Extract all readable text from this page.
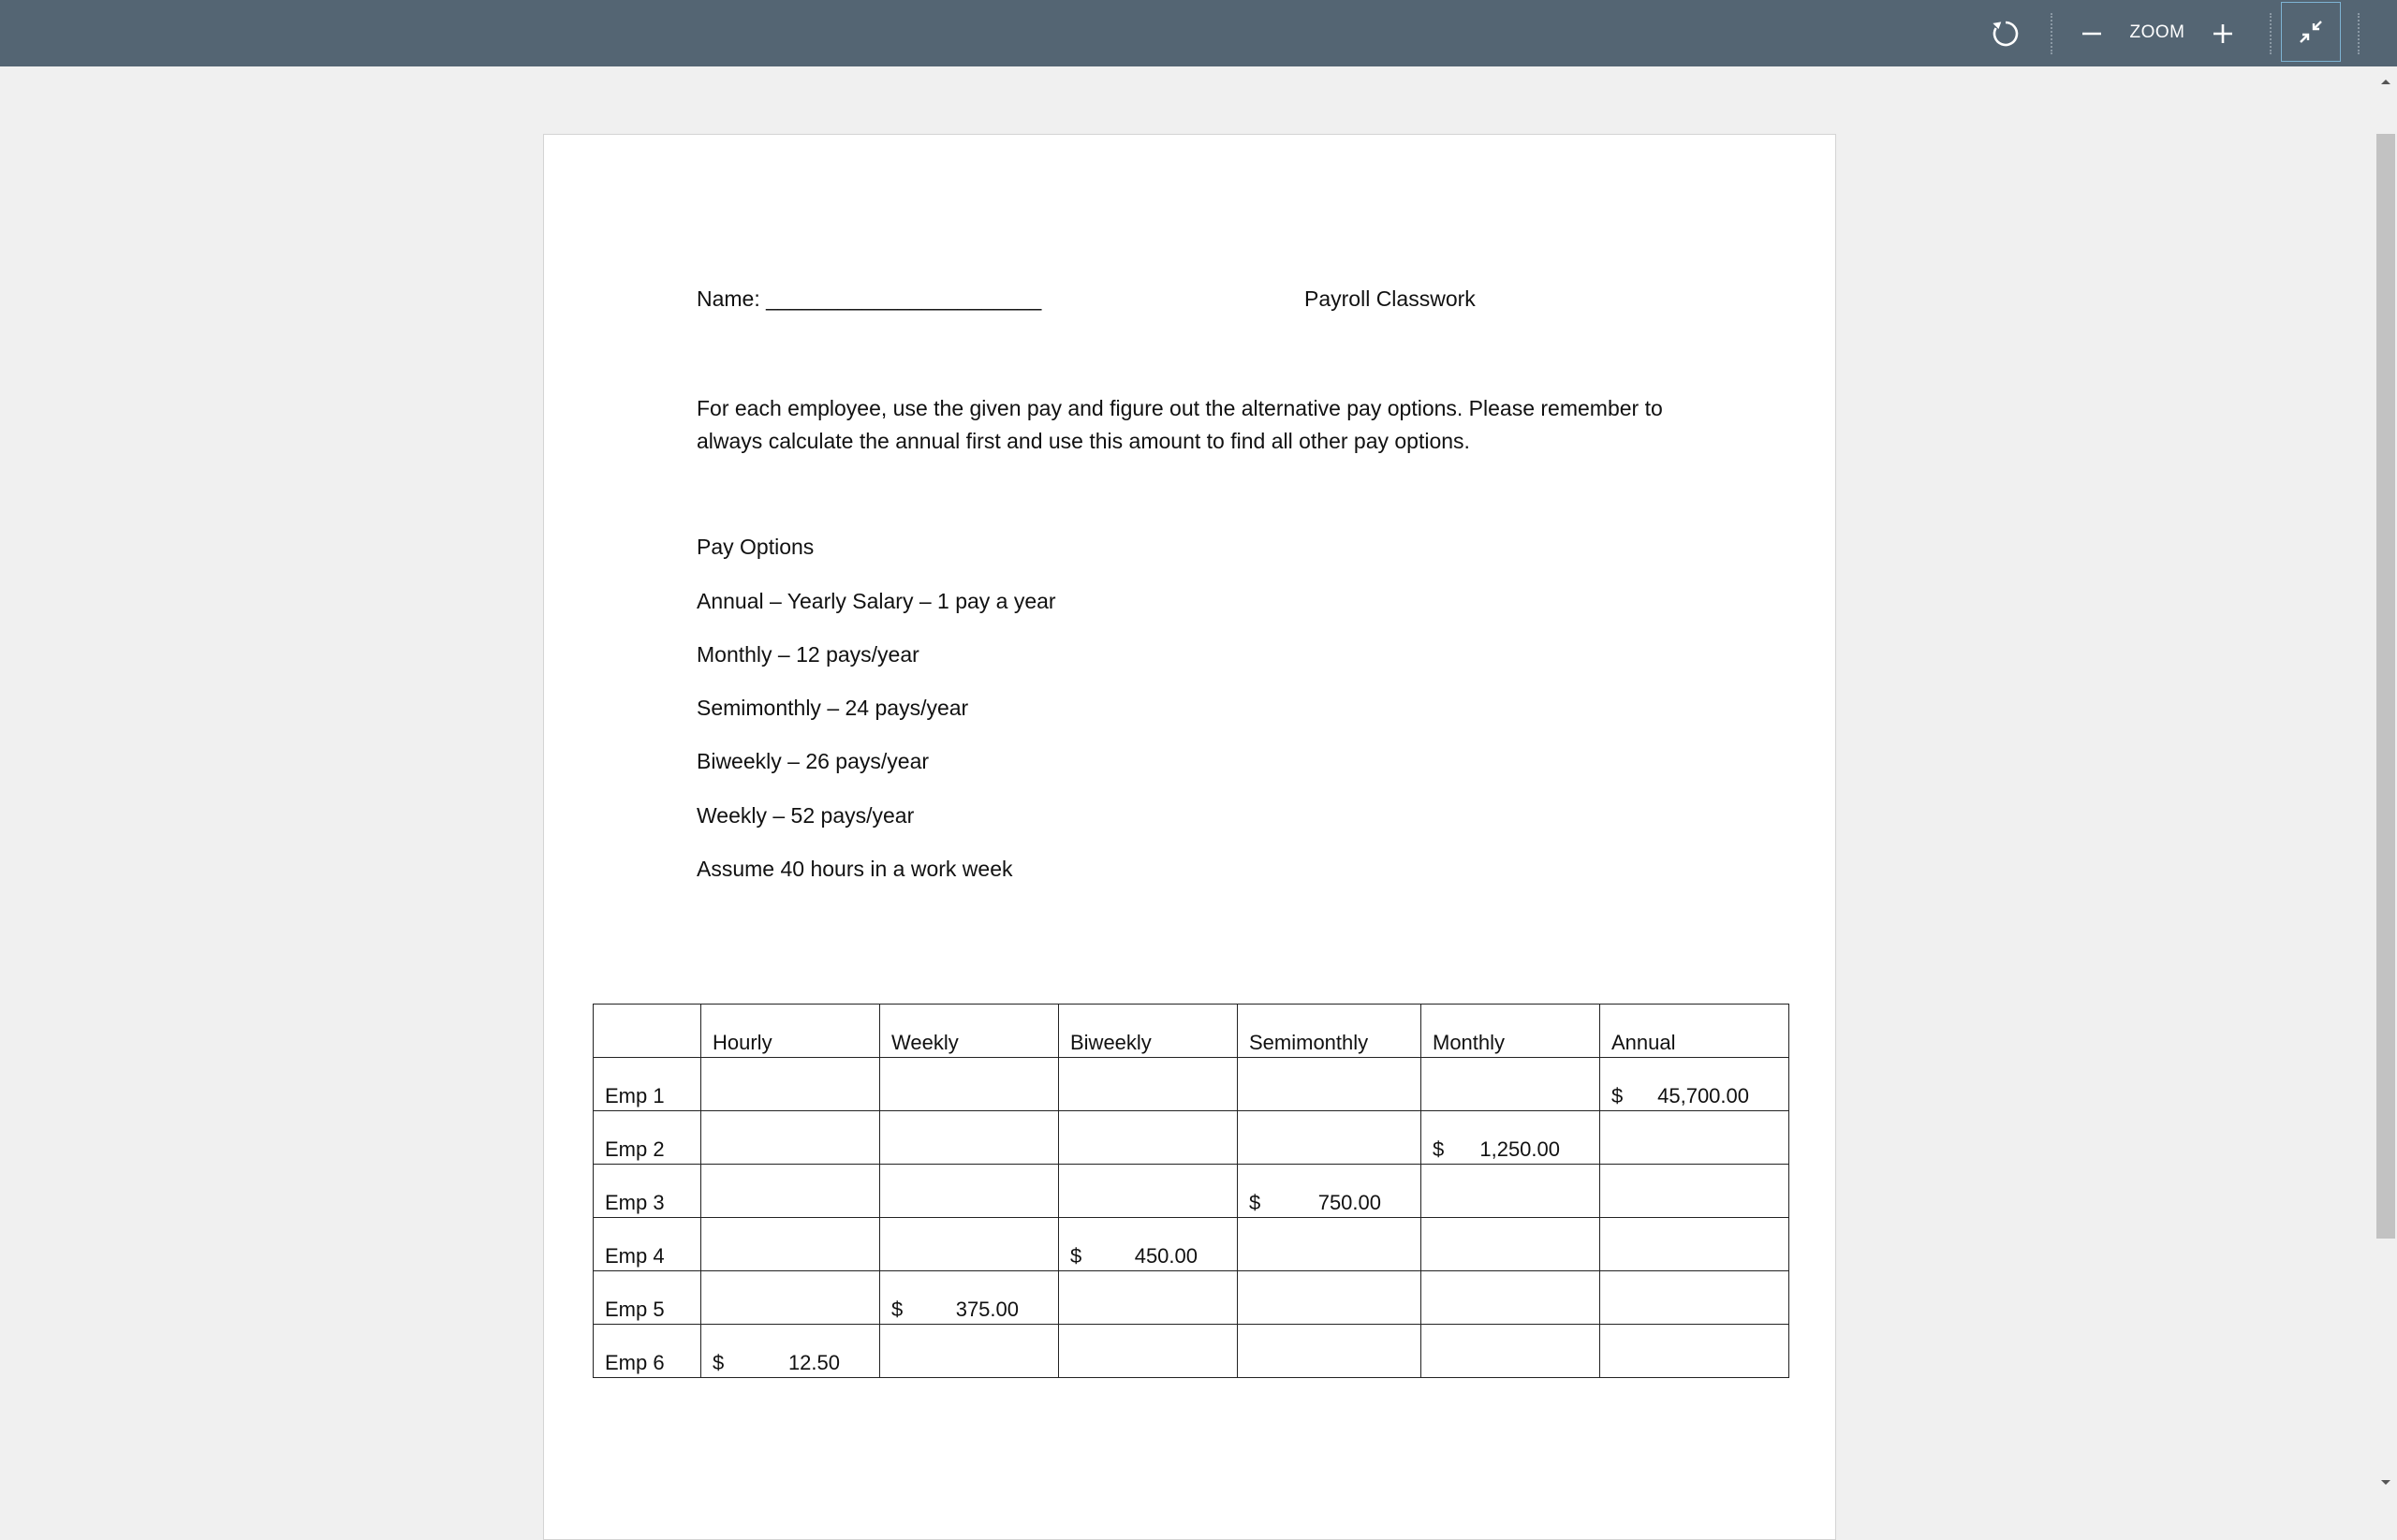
ZOOM
Name: _______________________	Payroll Classwork
For each employee, use the given pay and figure out the alternative pay options. Please remember to always calculate the annual first and use this amount to find all other pay options.
Pay Options
Annual – Yearly Salary – 1 pay a year
Monthly – 12 pays/year
Semimonthly – 24 pays/year
Biweekly – 26 pays/year
Weekly – 52 pays/year
Assume 40 hours in a work week
	Hourly	Weekly	Biweekly	Semimonthly	Monthly	Annual
Emp 1						$ 45,700.00

Emp 2					$ 1,250.00	

Emp 3				$ 750.00		

Emp 4			$ 450.00			

Emp 5		$ 375.00				

Emp 6	$ 12.50					
